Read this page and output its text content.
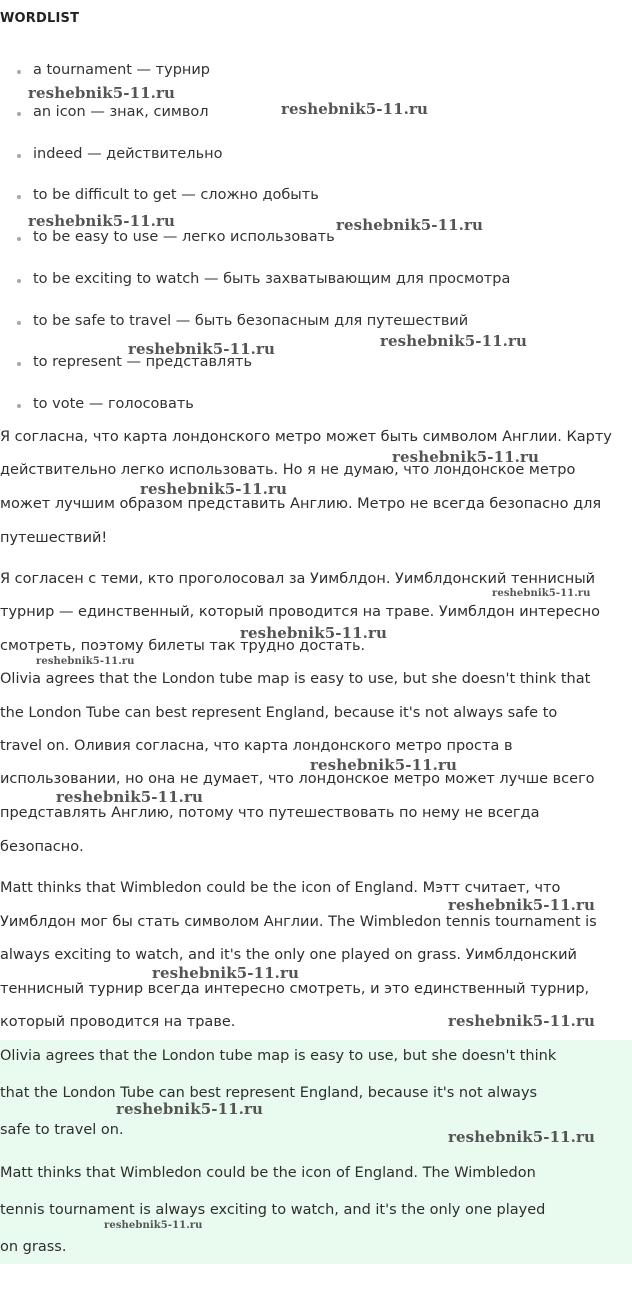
WORDLIST
a tournament — турнир
an icon — знак, символ
indeed — действительно
to be difficult to get — сложно добыть
to be easy to use — легко использовать
to be exciting to watch — быть захватывающим для просмотра
to be safe to travel — быть безопасным для путешествий
to represent — представлять
to vote — голосовать
Я согласна, что карта лондонского метро может быть символом Англии. Карту
действительно легко использовать. Но я не думаю, что лондонское метро
может лучшим образом представить Англию. Метро не всегда безопасно для
путешествий!
Я согласен с теми, кто проголосовал за Уимблдон. Уимблдонский теннисный
турнир — единственный, который проводится на траве. Уимблдон интересно
смотреть, поэтому билеты так трудно достать.
Olivia agrees that the London tube map is easy to use, but she doesn't think that
the London Tube can best represent England, because it's not always safe to
travel on. Оливия согласна, что карта лондонского метро проста в
использовании, но она не думает, что лондонское метро может лучше всего
представлять Англию, потому что путешествовать по нему не всегда
безопасно.
Matt thinks that Wimbledon could be the icon of England. Мэтт считает, что
Уимблдон мог бы стать символом Англии. The Wimbledon tennis tournament is
always exciting to watch, and it's the only one played on grass. Уимблдонский
теннисный турнир всегда интересно смотреть, и это единственный турнир,
который проводится на траве.
Olivia agrees that the London tube map is easy to use, but she doesn't think
that the London Tube can best represent England, because it's not always
safe to travel on.
Matt thinks that Wimbledon could be the icon of England. The Wimbledon
tennis tournament is always exciting to watch, and it's the only one played
on grass.
reshebnik5-11.ru
reshebnik5-11.ru
reshebnik5-11.ru	reshebnik5-11.ru
reshebnik5-11.ru
reshebnik5-11.ru
reshebnik5-11.ru
reshebnik5-11.ru
reshebnik5-11.ru
reshebnik5-11.ru
reshebnik5-11.ru
reshebnik5-11.ru
reshebnik5-11.ru
reshebnik5-11.ru
reshebnik5-11.ru
reshebnik5-11.ru
reshebnik5-11.ru
reshebnik5-11.ru
reshebnik5-11.ru
